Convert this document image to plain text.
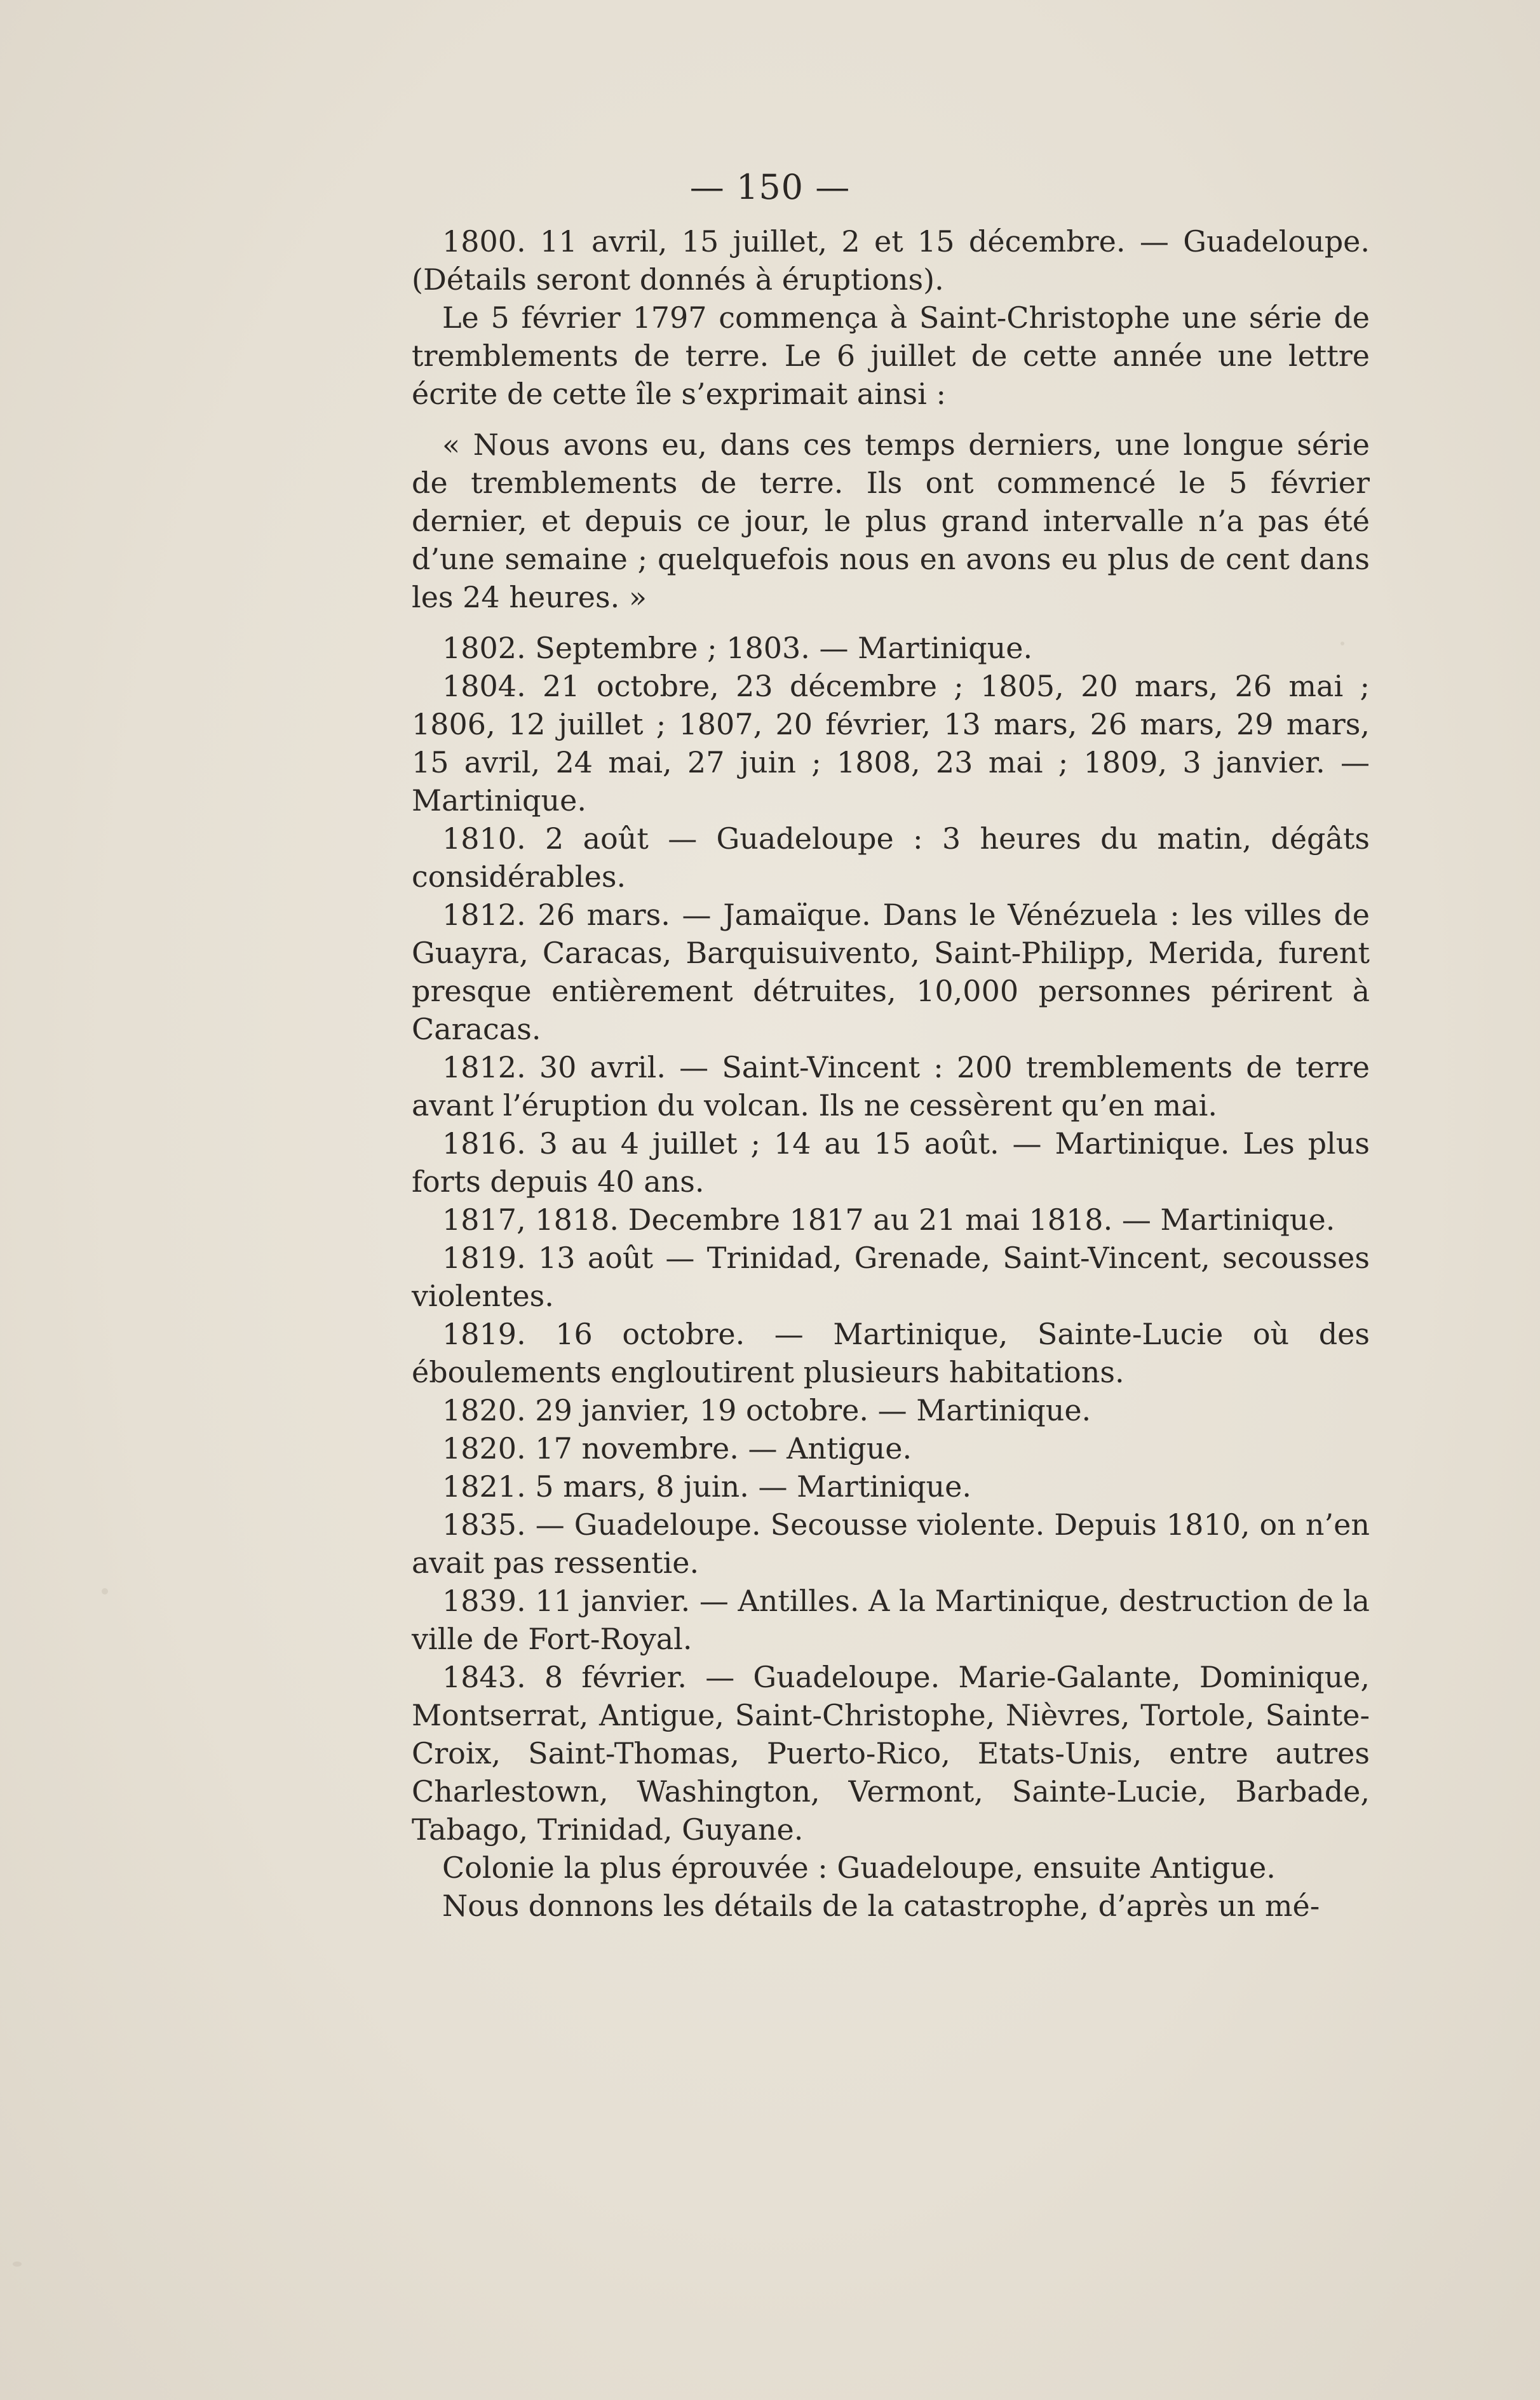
— 150 —

1800. 11 avril, 15 juillet, 2 et 15 décembre. — Guadeloupe. (Détails seront donnés à éruptions).

Le 5 février 1797 commença à Saint-Christophe une série de tremblements de terre. Le 6 juillet de cette année une lettre écrite de cette île s’exprimait ainsi :

« Nous avons eu, dans ces temps derniers, une longue série de tremblements de terre. Ils ont commencé le 5 février dernier, et depuis ce jour, le plus grand intervalle n’a pas été d’une semaine ; quelquefois nous en avons eu plus de cent dans les 24 heures. »

1802. Septembre ; 1803. — Martinique.

1804. 21 octobre, 23 décembre ; 1805, 20 mars, 26 mai ; 1806, 12 juillet ; 1807, 20 février, 13 mars, 26 mars, 29 mars, 15 avril, 24 mai, 27 juin ; 1808, 23 mai ; 1809, 3 janvier. — Martinique.

1810. 2 août — Guadeloupe : 3 heures du matin, dégâts considérables.

1812. 26 mars. — Jamaïque. Dans le Vénézuela : les villes de Guayra, Caracas, Barquisuivento, Saint-Philipp, Merida, furent presque entièrement détruites, 10,000 personnes périrent à Caracas.

1812. 30 avril. — Saint-Vincent : 200 tremblements de terre avant l’éruption du volcan. Ils ne cessèrent qu’en mai.

1816. 3 au 4 juillet ; 14 au 15 août. — Martinique. Les plus forts depuis 40 ans.

1817, 1818. Decembre 1817 au 21 mai 1818. — Martinique.

1819. 13 août — Trinidad, Grenade, Saint-Vincent, secousses violentes.

1819. 16 octobre. — Martinique, Sainte-Lucie où des éboulements engloutirent plusieurs habitations.

1820. 29 janvier, 19 octobre. — Martinique.

1820. 17 novembre. — Antigue.

1821. 5 mars, 8 juin. — Martinique.

1835. — Guadeloupe. Secousse violente. Depuis 1810, on n’en avait pas ressentie.

1839. 11 janvier. — Antilles. A la Martinique, destruction de la ville de Fort-Royal.

1843. 8 février. — Guadeloupe. Marie-Galante, Dominique, Montserrat, Antigue, Saint-Christophe, Nièvres, Tortole, Sainte-Croix, Saint-Thomas, Puerto-Rico, Etats-Unis, entre autres Charlestown, Washington, Vermont, Sainte-Lucie, Barbade, Tabago, Trinidad, Guyane.

Colonie la plus éprouvée : Guadeloupe, ensuite Antigue.

Nous donnons les détails de la catastrophe, d’après un mé-
